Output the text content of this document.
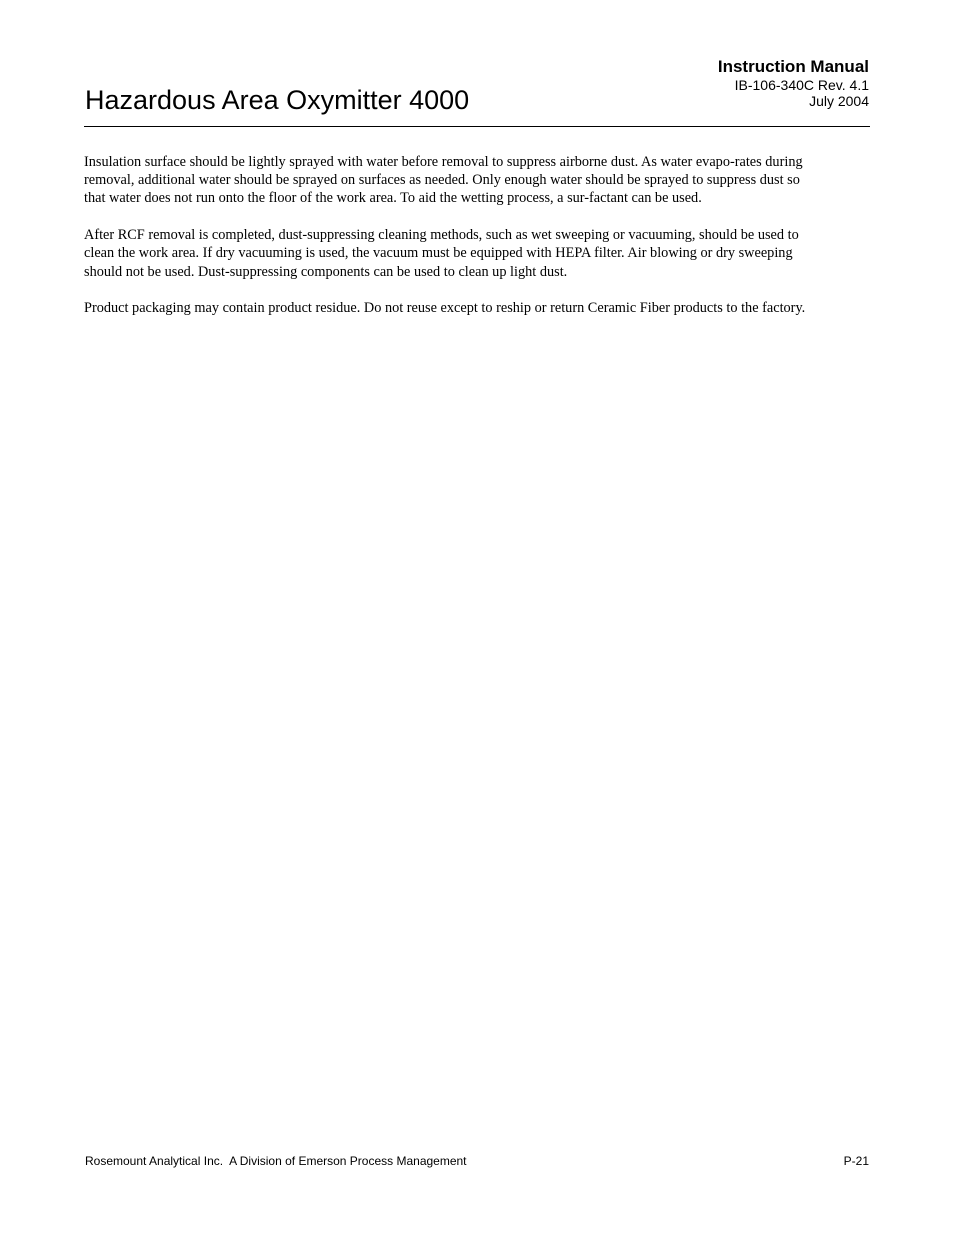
Hazardous Area Oxymitter 4000
Instruction Manual
IB-106-340C Rev. 4.1
July 2004

Insulation surface should be lightly sprayed with water before removal to suppress airborne dust. As water evapo-rates during removal, additional water should be sprayed on surfaces as needed. Only enough water should be sprayed to suppress dust so that water does not run onto the floor of the work area. To aid the wetting process, a sur-factant can be used.

After RCF removal is completed, dust-suppressing cleaning methods, such as wet sweeping or vacuuming, should be used to clean the work area. If dry vacuuming is used, the vacuum must be equipped with HEPA filter. Air blowing or dry sweeping should not be used. Dust-suppressing components can be used to clean up light dust.

Product packaging may contain product residue. Do not reuse except to reship or return Ceramic Fiber products to the factory.

Rosemount Analytical Inc.  A Division of Emerson Process Management	P-21
